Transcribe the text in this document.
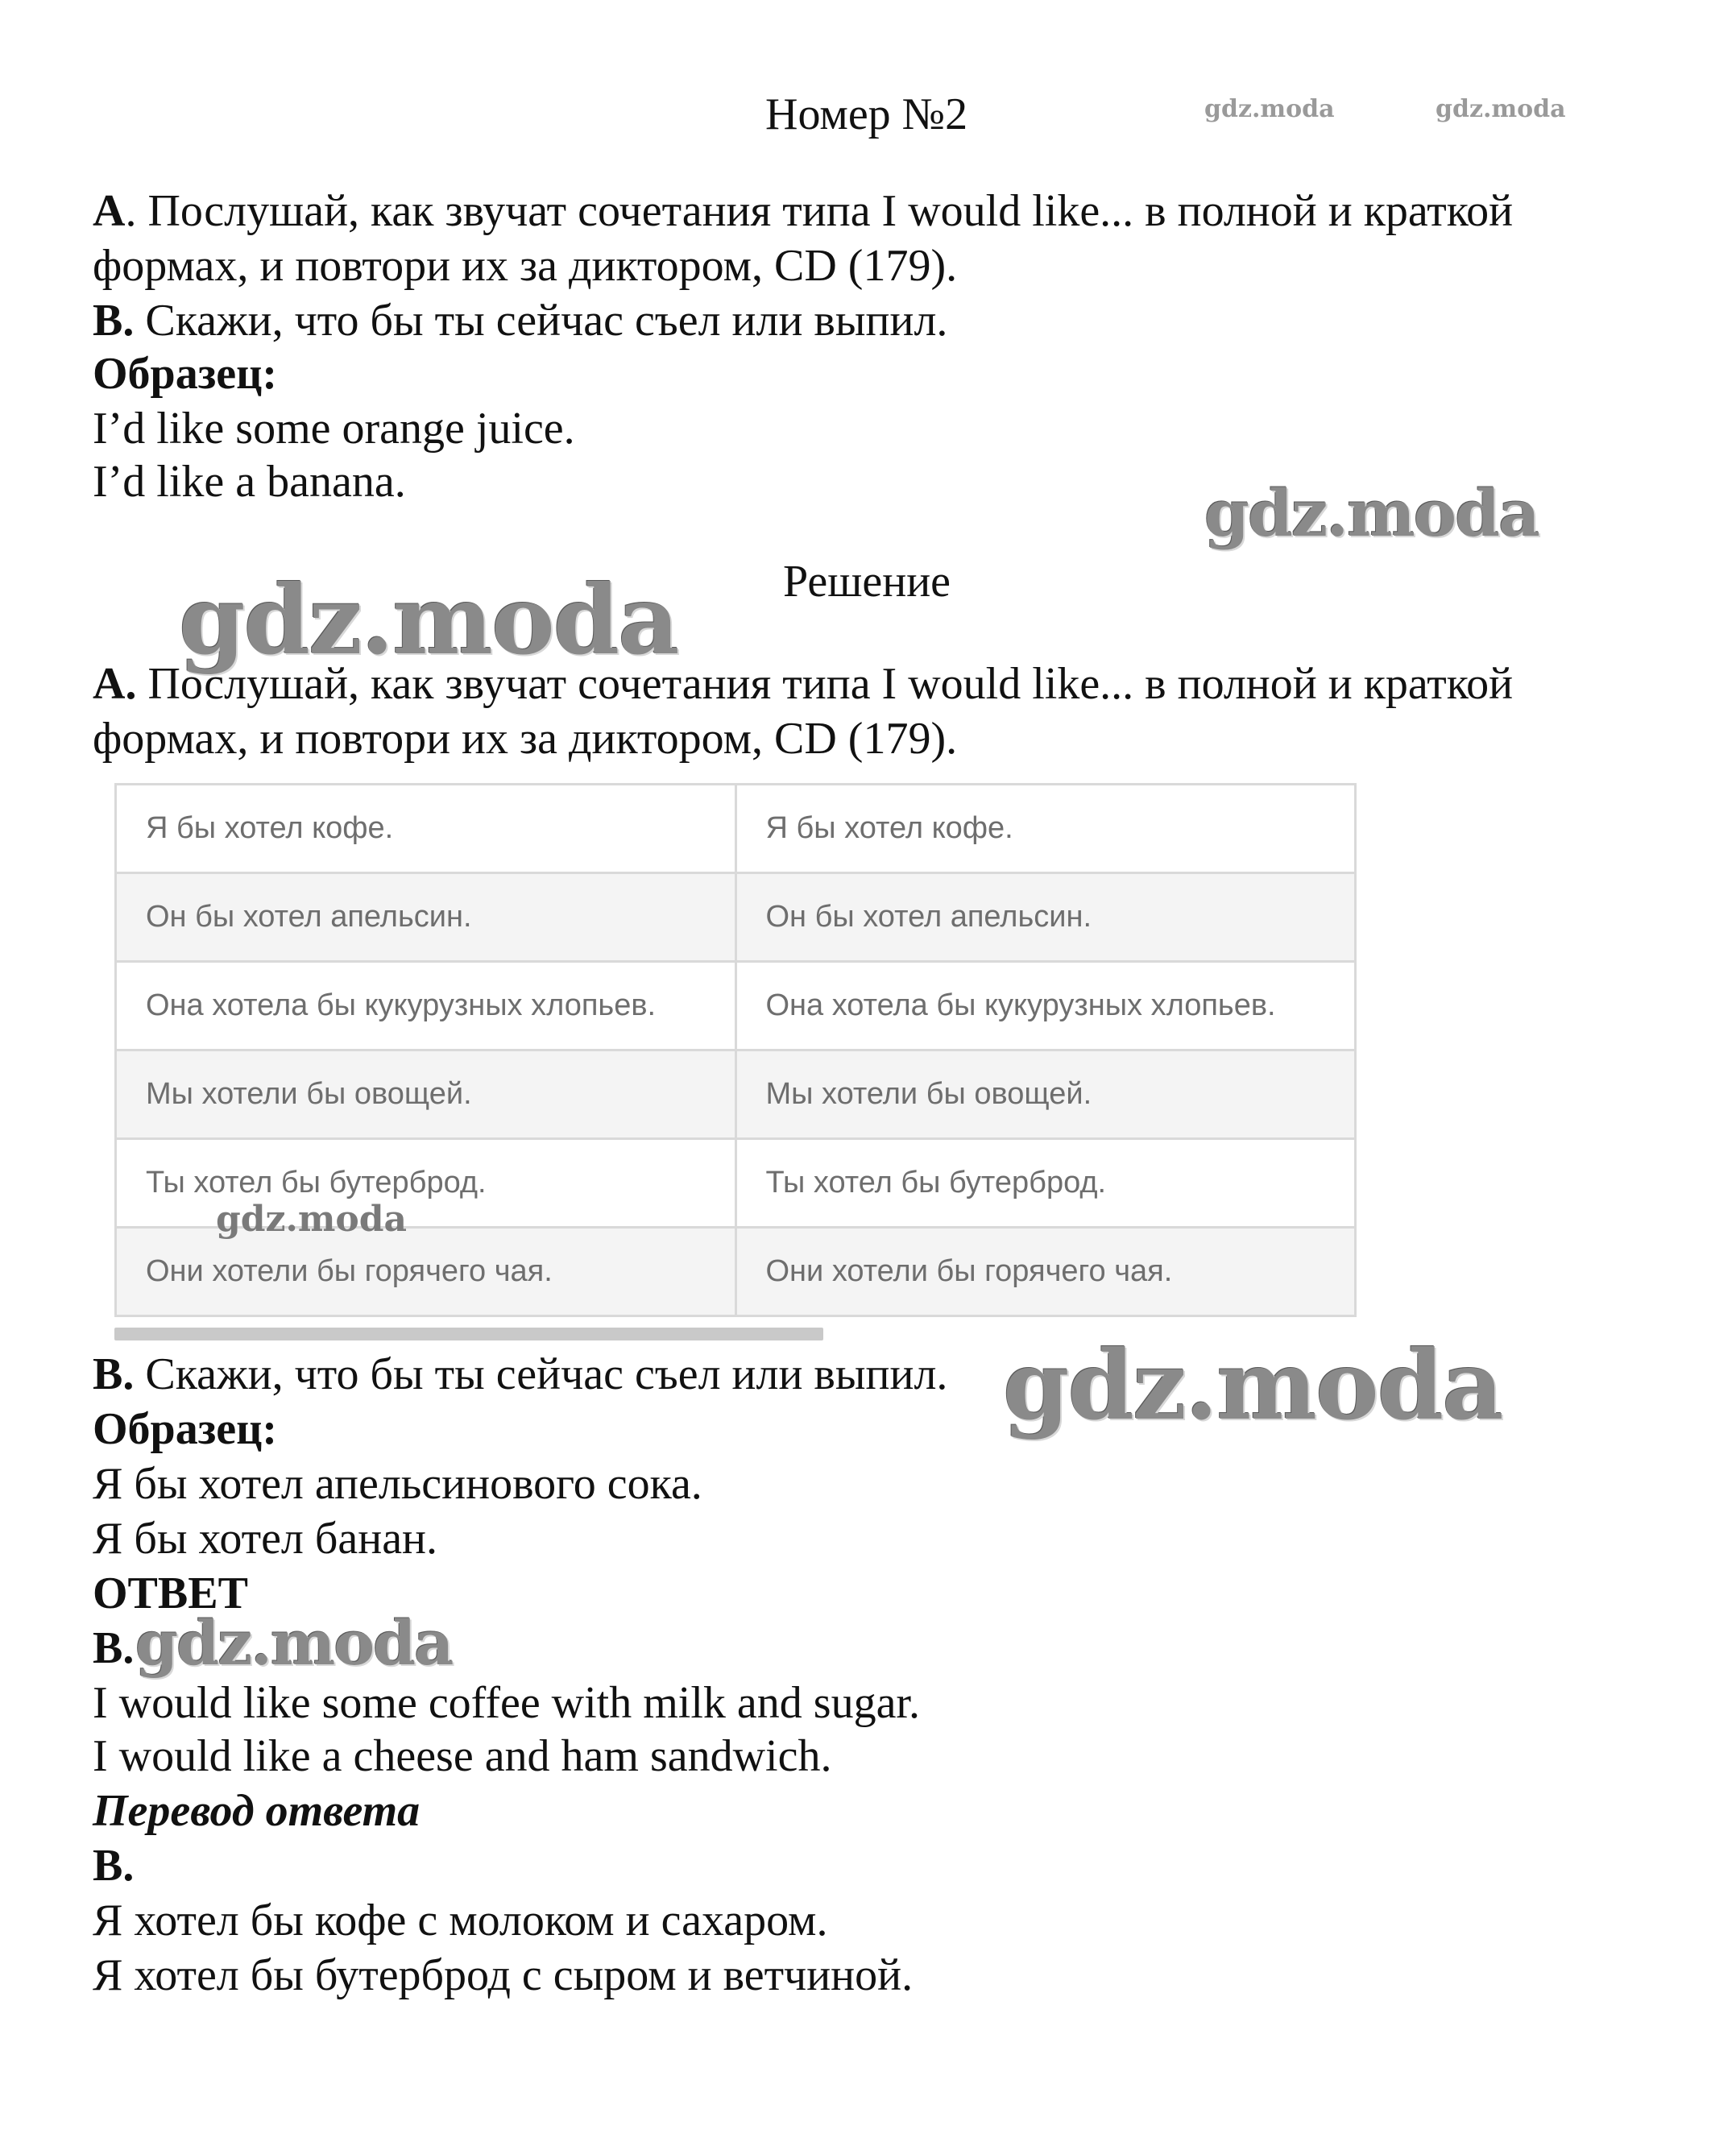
Номер №2	gdz.moda	gdz.moda

A. Послушай, как звучат сочетания типа I would like... в полной и краткой

формах, и повтори их за диктором, CD (179).

B. Скажи, что бы ты сейчас съел или выпил.

Образец:

I’d like some orange juice.

I’d like a banana.	gdz.moda
Решение
gdz.moda

A. Послушай, как звучат сочетания типа I would like... в полной и краткой

формах, и повтори их за диктором, CD (179).

Я бы хотел кофе.	Я бы хотел кофе.
Он бы хотел апельсин.	Он бы хотел апельсин.
Она хотела бы кукурузных хлопьев.	Она хотела бы кукурузных хлопьев.
Мы хотели бы овощей.	Мы хотели бы овощей.
Ты хотел бы бутерброд.	Ты хотел бы бутерброд.
Они хотели бы горячего чая.	Они хотели бы горячего чая.
gdz.moda

B. Скажи, что бы ты сейчас съел или выпил. gdz.moda

Образец:

Я бы хотел апельсинового сока.

Я бы хотел банан.

ОТВЕТ

B. gdz.moda

I would like some coffee with milk and sugar.

I would like a cheese and ham sandwich.

Перевод ответа

B.

Я хотел бы кофе с молоком и сахаром.

Я хотел бы бутерброд с сыром и ветчиной.
